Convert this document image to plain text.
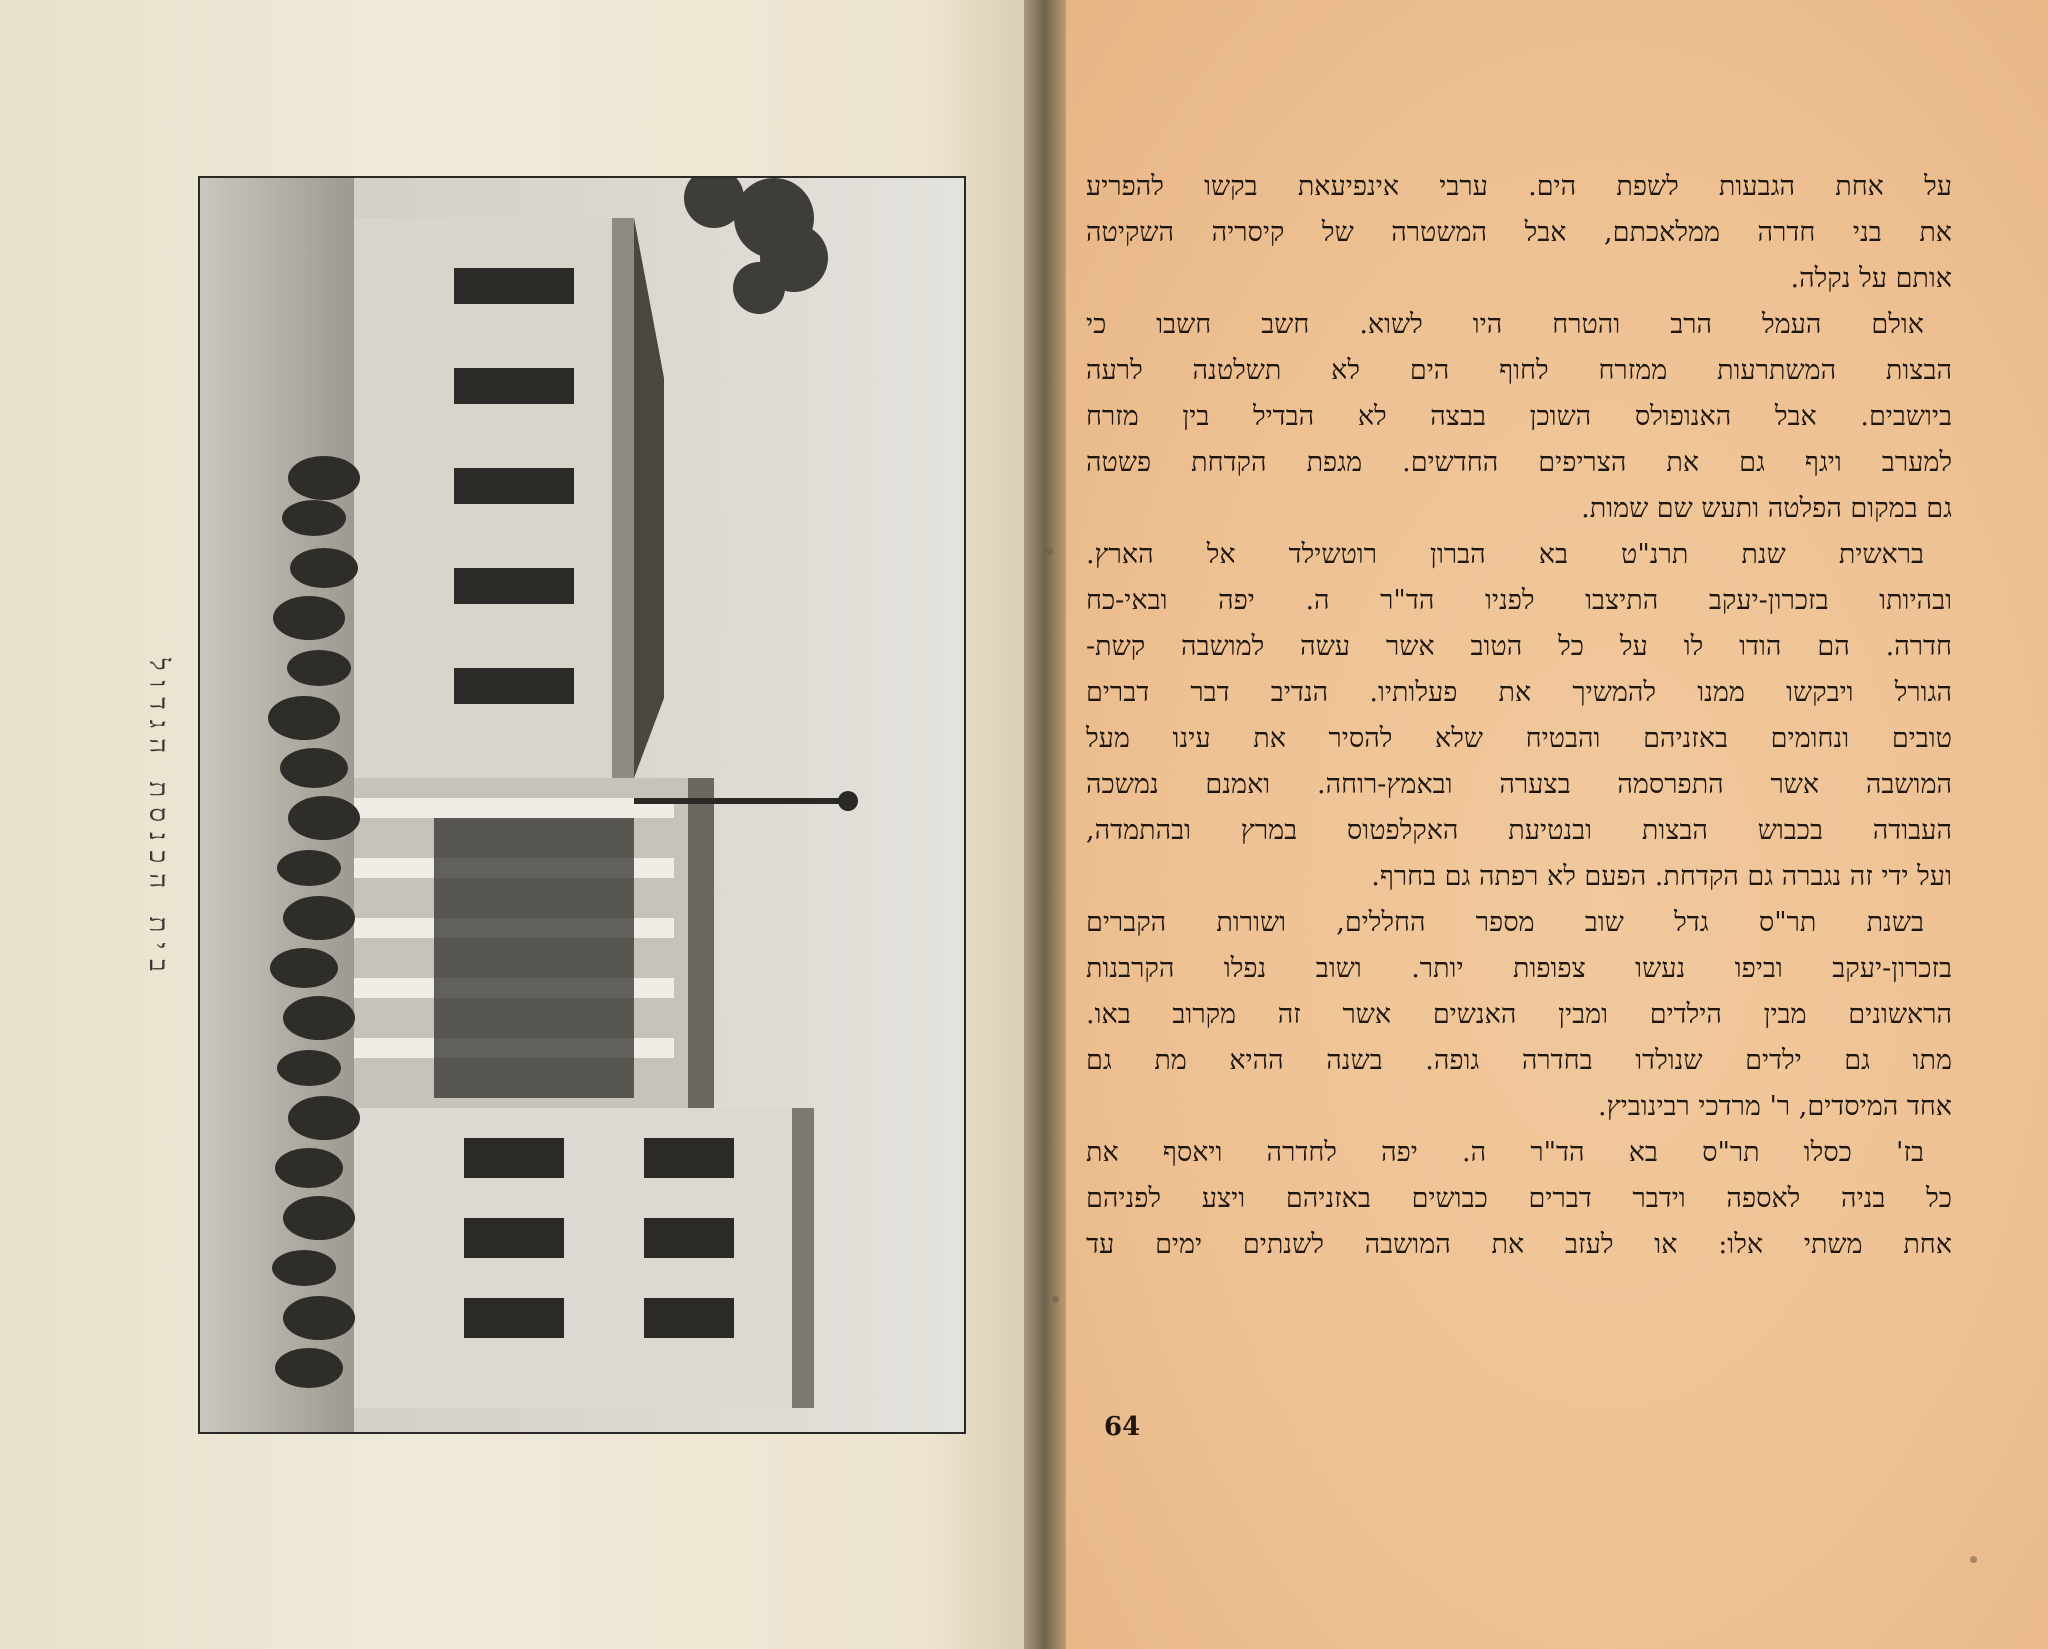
בית הכנסת הגדול
על אחת הגבעות לשפת הים. ערבי אינפיעאת בקשו להפריע
את בני חדרה ממלאכתם, אבל המשטרה של קיסריה השקיטה
אותם על נקלה.
אולם העמל הרב והטרח היו לשוא. חשב חשבו כי
הבצות המשתרעות ממזרח לחוף הים לא תשלטנה לרעה
ביושבים. אבל האנופולס השוכן בבצה לא הבדיל בין מזרח
למערב ויגף גם את הצריפים החדשים. מגפת הקדחת פשטה
גם במקום הפלטה ותעש שם שמות.
בראשית שנת תרנ"ט בא הברון רוטשילד אל הארץ.
ובהיותו בזכרון-יעקב התיצבו לפניו הד"ר ה. יפה ובאי-כח
חדרה. הם הודו לו על כל הטוב אשר עשה למושבה קשת-
הגורל ויבקשו ממנו להמשיך את פעלותיו. הנדיב דבר דברים
טובים ונחומים באזניהם והבטיח שלא להסיר את עינו מעל
המושבה אשר התפרסמה בצערה ובאמץ-רוחה. ואמנם נמשכה
העבודה בכבוש הבצות ובנטיעת האקלפטוס במרץ ובהתמדה,
ועל ידי זה נגברה גם הקדחת. הפעם לא רפתה גם בחרף.
בשנת תר"ס גדל שוב מספר החללים, ושורות הקברים
בזכרון-יעקב וביפו נעשו צפופות יותר. ושוב נפלו הקרבנות
הראשונים מבין הילדים ומבין האנשים אשר זה מקרוב באו.
מתו גם ילדים שנולדו בחדרה גופה. בשנה ההיא מת גם
אחד המיסדים, ר' מרדכי רבינוביץ.
בז' כסלו תר"ס בא הד"ר ה. יפה לחדרה ויאסף את
כל בניה לאספה וידבר דברים כבושים באזניהם ויצע לפניהם
אחת משתי אלו: או לעזב את המושבה לשנתים ימים עד
64
